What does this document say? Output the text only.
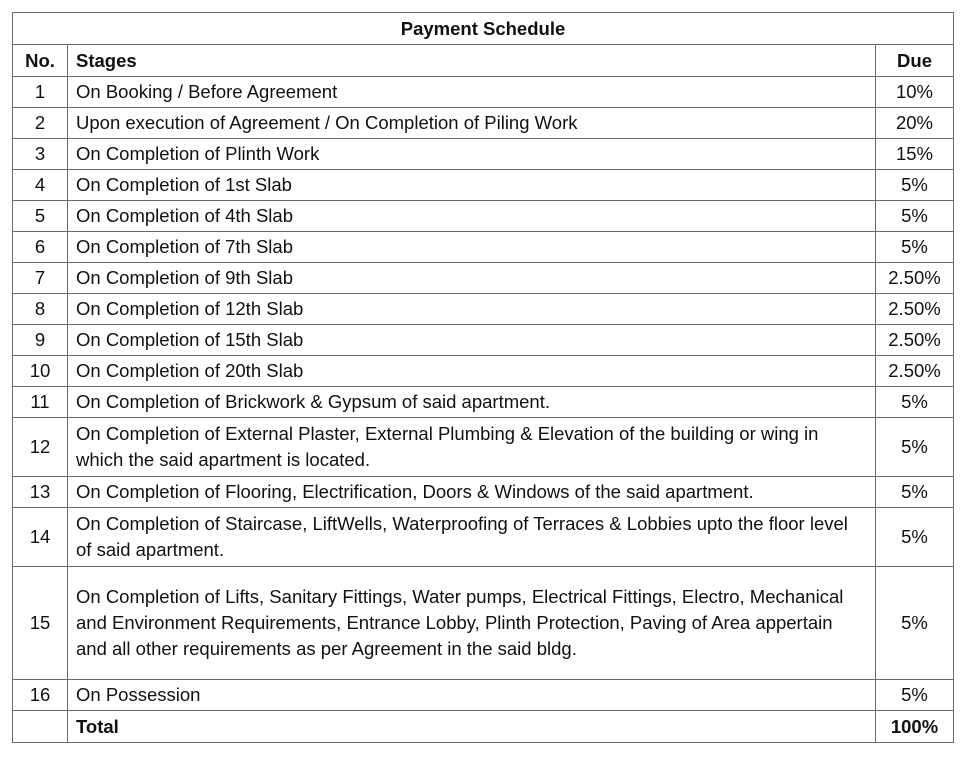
Payment Schedule		
No.	Stages	Due
1	On Booking / Before Agreement	10%
2	Upon execution of Agreement / On Completion of Piling Work	20%
3	On Completion of Plinth Work	15%
4	On Completion of 1st Slab	5%
5	On Completion of 4th Slab	5%
6	On Completion of 7th Slab	5%
7	On Completion of 9th Slab	2.50%
8	On Completion of 12th Slab	2.50%
9	On Completion of 15th Slab	2.50%
10	On Completion of 20th Slab	2.50%
11	On Completion of Brickwork & Gypsum of said apartment.	5%
12	On Completion of External Plaster, External Plumbing & Elevation of the building or wing in which the said apartment is located.	5%
13	On Completion of Flooring, Electrification, Doors & Windows of the said apartment.	5%
14	On Completion of Staircase, LiftWells, Waterproofing of Terraces & Lobbies upto the floor level of said apartment.	5%
15	On Completion of Lifts, Sanitary Fittings, Water pumps, Electrical Fittings, Electro, Mechanical and Environment Requirements, Entrance Lobby, Plinth Protection, Paving of Area appertain and all other requirements as per Agreement in the said bldg.	5%
16	On Possession	5%
	Total	100%
